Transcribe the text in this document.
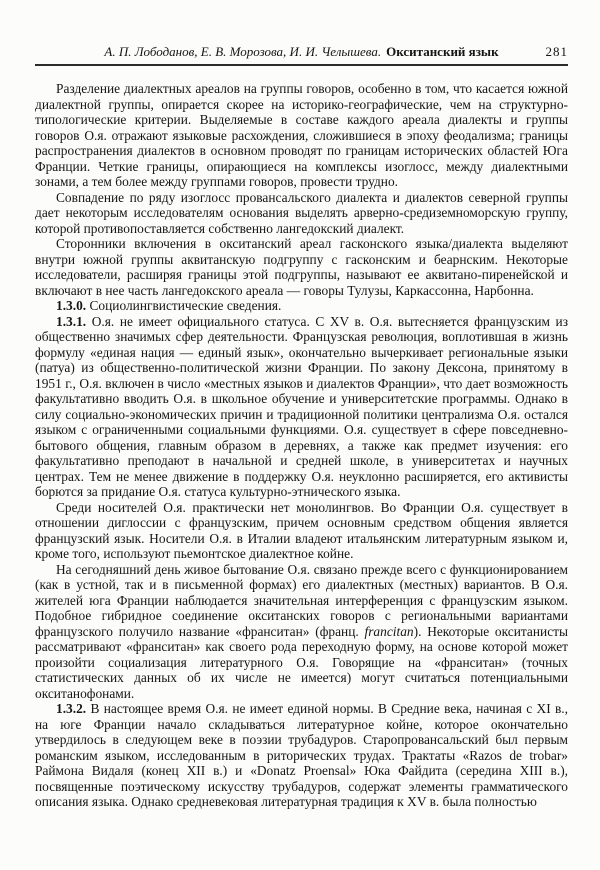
А. П. Лободанов, Е. В. Морозова, И. И. Челышева. Окситанский язык	281

Разделение диалектных ареалов на группы говоров, особенно в том, что касается южной диалектной группы, опирается скорее на историко-географические, чем на структурно-типологические критерии. Выделяемые в составе каждого ареала диалекты и группы говоров О.я. отражают языковые расхождения, сложившиеся в эпоху феодализма; границы распространения диалектов в основном проводят по границам исторических областей Юга Франции. Четкие границы, опирающиеся на комплексы изоглосс, между диалектными зонами, а тем более между группами говоров, провести трудно.

Совпадение по ряду изоглосс провансальского диалекта и диалектов северной группы дает некоторым исследователям основания выделять арверно-средиземноморскую группу, которой противопоставляется собственно лангедокский диалект.

Сторонники включения в окситанский ареал гасконского языка/диалекта выделяют внутри южной группы аквитанскую подгруппу с гасконским и беарнским. Некоторые исследователи, расширяя границы этой подгруппы, называют ее аквитано-пиренейской и включают в нее часть лангедокского ареала — говоры Тулузы, Каркассонна, Нарбонна.

1.3.0. Социолингвистические сведения.

1.3.1. О.я. не имеет официального статуса. С XV в. О.я. вытесняется французским из общественно значимых сфер деятельности. Французская революция, воплотившая в жизнь формулу «единая нация — единый язык», окончательно вычеркивает региональные языки (патуа) из общественно-политической жизни Франции. По закону Дексона, принятому в 1951 г., О.я. включен в число «местных языков и диалектов Франции», что дает возможность факультативно вводить О.я. в школьное обучение и университетские программы. Однако в силу социально-экономических причин и традиционной политики централизма О.я. остался языком с ограниченными социальными функциями. О.я. существует в сфере повседневно-бытового общения, главным образом в деревнях, а также как предмет изучения: его факультативно преподают в начальной и средней школе, в университетах и научных центрах. Тем не менее движение в поддержку О.я. неуклонно расширяется, его активисты борются за придание О.я. статуса культурно-этнического языка.

Среди носителей О.я. практически нет монолингвов. Во Франции О.я. существует в отношении диглоссии с французским, причем основным средством общения является французский язык. Носители О.я. в Италии владеют итальянским литературным языком и, кроме того, используют пьемонтское диалектное койне.

На сегодняшний день живое бытование О.я. связано прежде всего с функционированием (как в устной, так и в письменной формах) его диалектных (местных) вариантов. В О.я. жителей юга Франции наблюдается значительная интерференция с французским языком. Подобное гибридное соединение окситанских говоров с региональными вариантами французского получило название «франситан» (франц. francitan). Некоторые окситанисты рассматривают «франситан» как своего рода переходную форму, на основе которой может произойти социализация литературного О.я. Говорящие на «франситан» (точных статистических данных об их числе не имеется) могут считаться потенциальными окситанофонами.

1.3.2. В настоящее время О.я. не имеет единой нормы. В Средние века, начиная с XI в., на юге Франции начало складываться литературное койне, которое окончательно утвердилось в следующем веке в поэзии трубадуров. Старопровансальский был первым романским языком, исследованным в риторических трудах. Трактаты «Razos de trobar» Раймона Видаля (конец XII в.) и «Donatz Proensal» Юка Файдита (середина XIII в.), посвященные поэтическому искусству трубадуров, содержат элементы грамматического описания языка. Однако средневековая литературная традиция к XV в. была полностью
